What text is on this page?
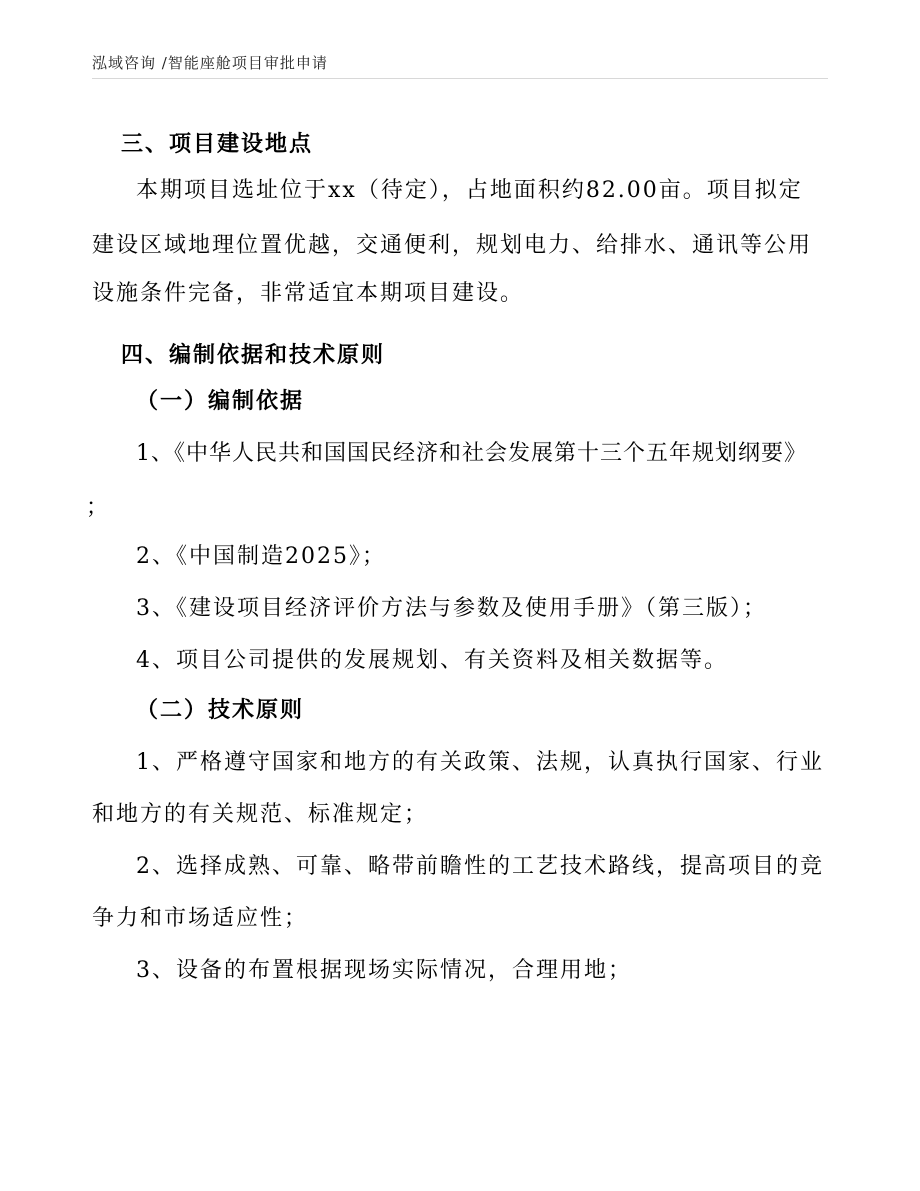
泓域咨询 /智能座舱项目审批申请
三、项目建设地点
本期项目选址位于xx（待定），占地面积约82.00亩。项目拟定
建设区域地理位置优越，交通便利，规划电力、给排水、通讯等公用
设施条件完备，非常适宜本期项目建设。
四、编制依据和技术原则
（一）编制依据
1、《中华人民共和国国民经济和社会发展第十三个五年规划纲要》
；
2、《中国制造2025》；
3、《建设项目经济评价方法与参数及使用手册》（第三版）；
4、项目公司提供的发展规划、有关资料及相关数据等。
（二）技术原则
1、严格遵守国家和地方的有关政策、法规，认真执行国家、行业
和地方的有关规范、标准规定；
2、选择成熟、可靠、略带前瞻性的工艺技术路线，提高项目的竞
争力和市场适应性；
3、设备的布置根据现场实际情况，合理用地；
